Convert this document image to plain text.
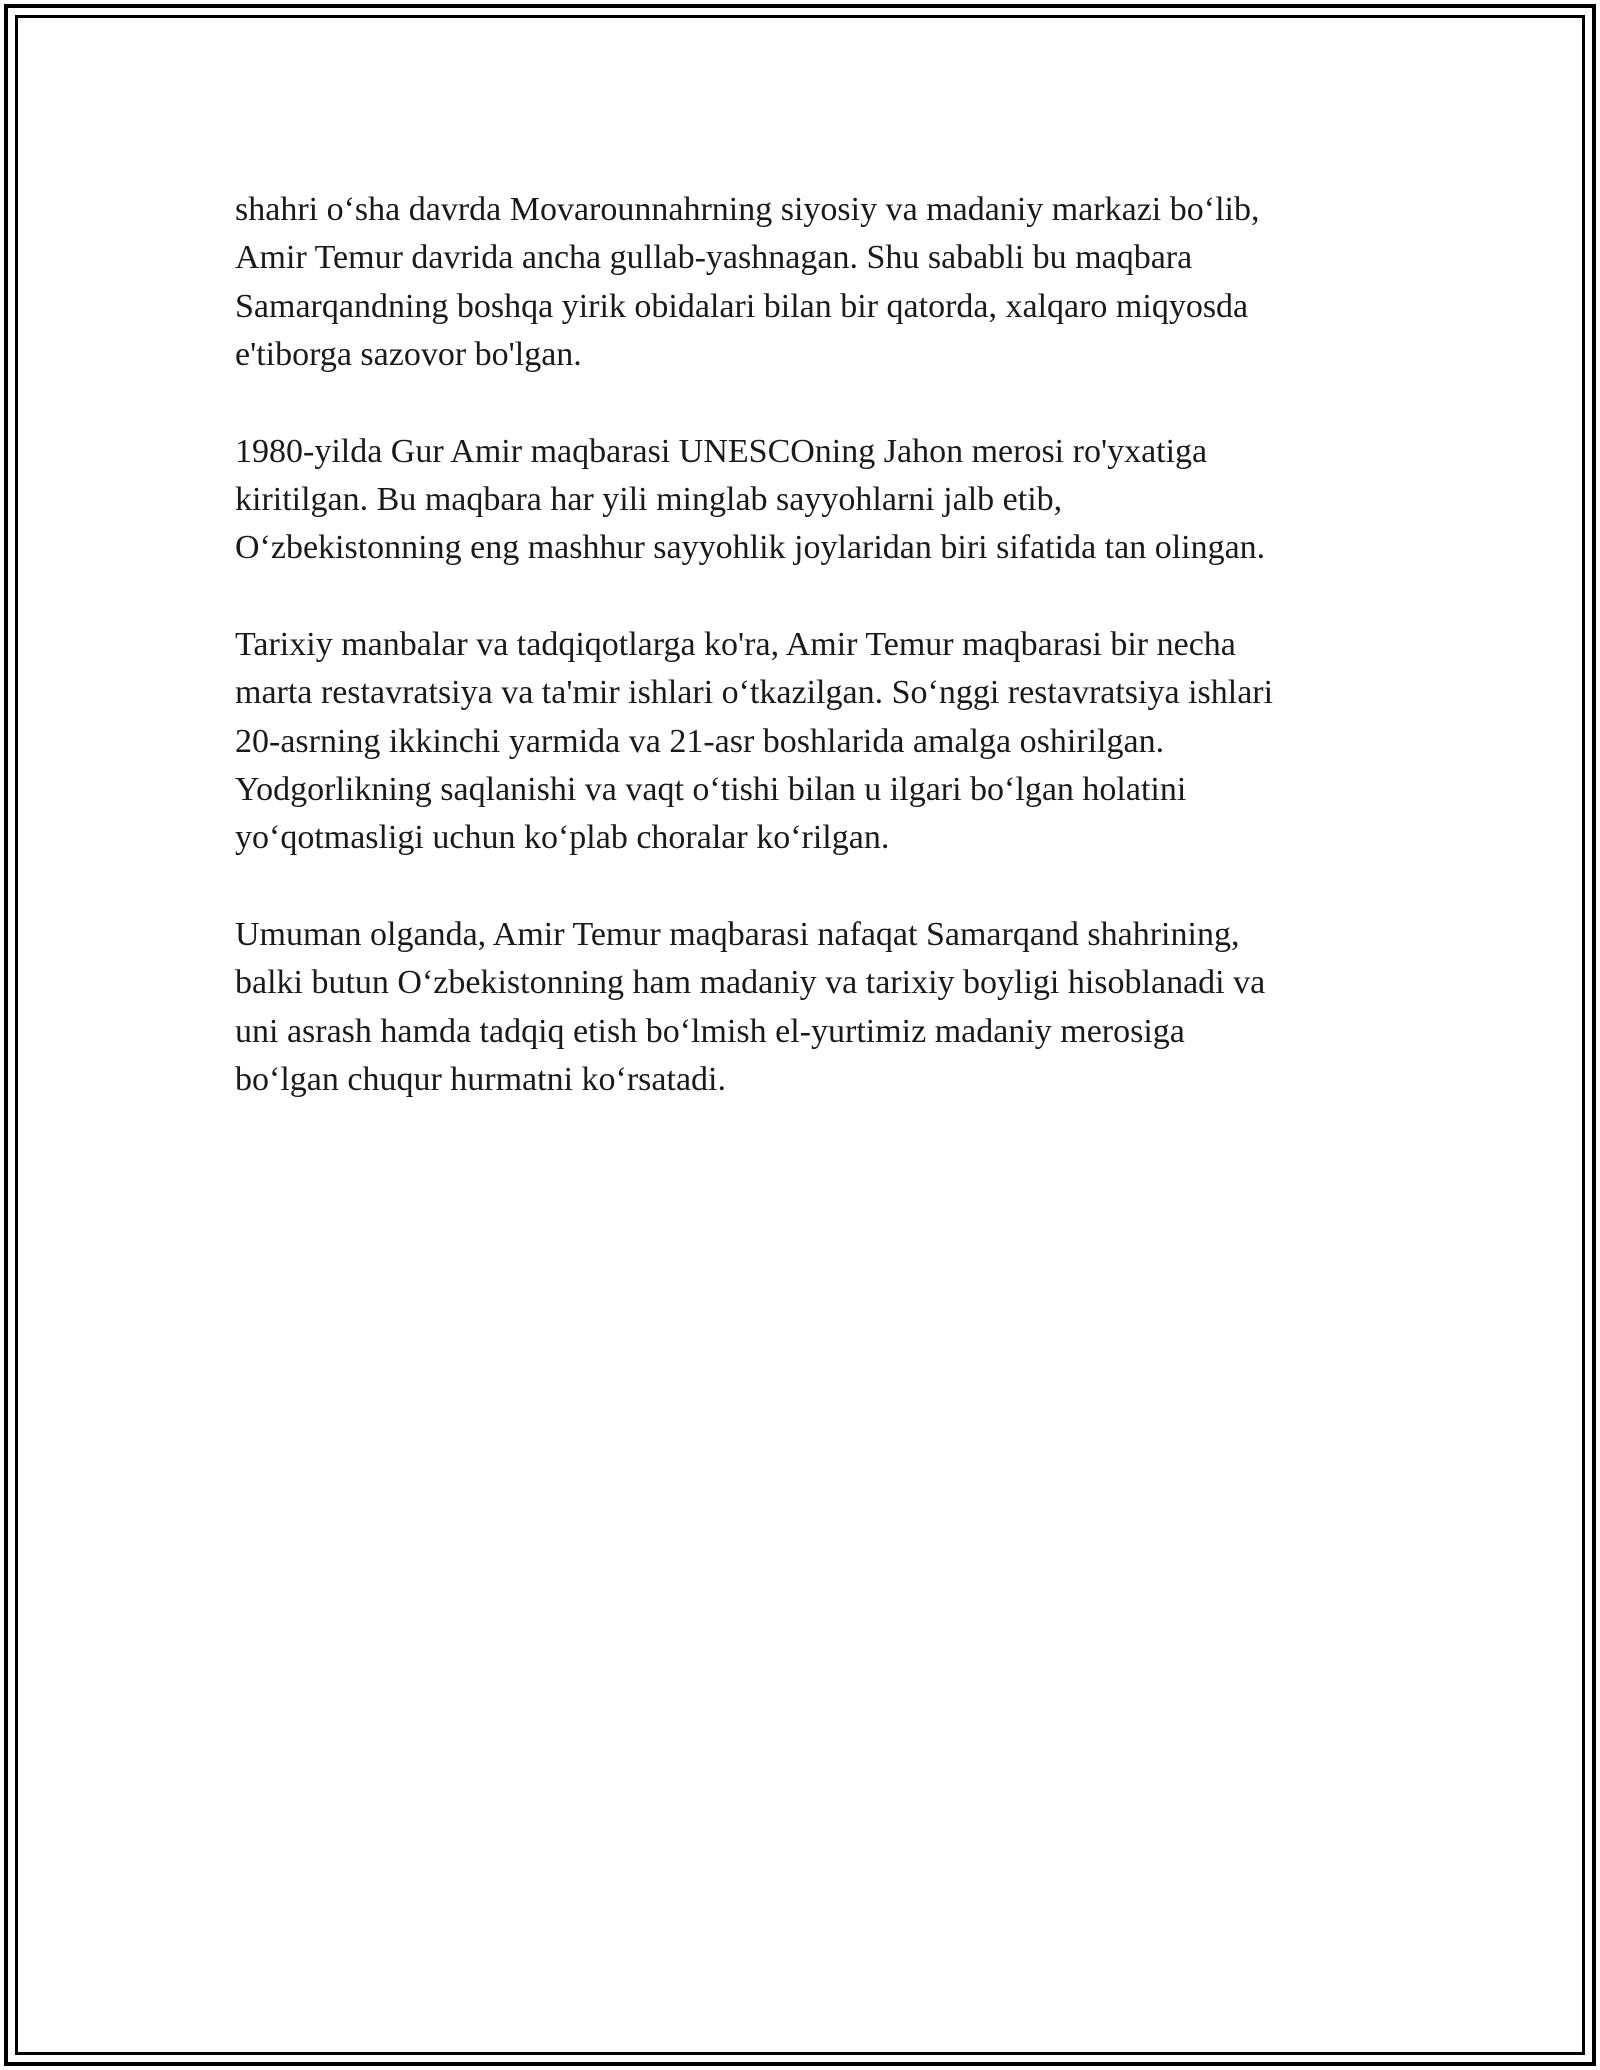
shahri o‘sha davrda Movarounnahrning siyosiy va madaniy markazi bo‘lib,
Amir Temur davrida ancha gullab-yashnagan. Shu sababli bu maqbara
Samarqandning boshqa yirik obidalari bilan bir qatorda, xalqaro miqyosda
e'tiborga sazovor bo'lgan.

1980-yilda Gur Amir maqbarasi UNESCOning Jahon merosi ro'yxatiga
kiritilgan. Bu maqbara har yili minglab sayyohlarni jalb etib,
O‘zbekistonning eng mashhur sayyohlik joylaridan biri sifatida tan olingan.

Tarixiy manbalar va tadqiqotlarga ko'ra, Amir Temur maqbarasi bir necha
marta restavratsiya va ta'mir ishlari o‘tkazilgan. So‘nggi restavratsiya ishlari
20-asrning ikkinchi yarmida va 21-asr boshlarida amalga oshirilgan.
Yodgorlikning saqlanishi va vaqt o‘tishi bilan u ilgari bo‘lgan holatini
yo‘qotmasligi uchun ko‘plab choralar ko‘rilgan.

Umuman olganda, Amir Temur maqbarasi nafaqat Samarqand shahrining,
balki butun O‘zbekistonning ham madaniy va tarixiy boyligi hisoblanadi va
uni asrash hamda tadqiq etish bo‘lmish el-yurtimiz madaniy merosiga
bo‘lgan chuqur hurmatni ko‘rsatadi.
